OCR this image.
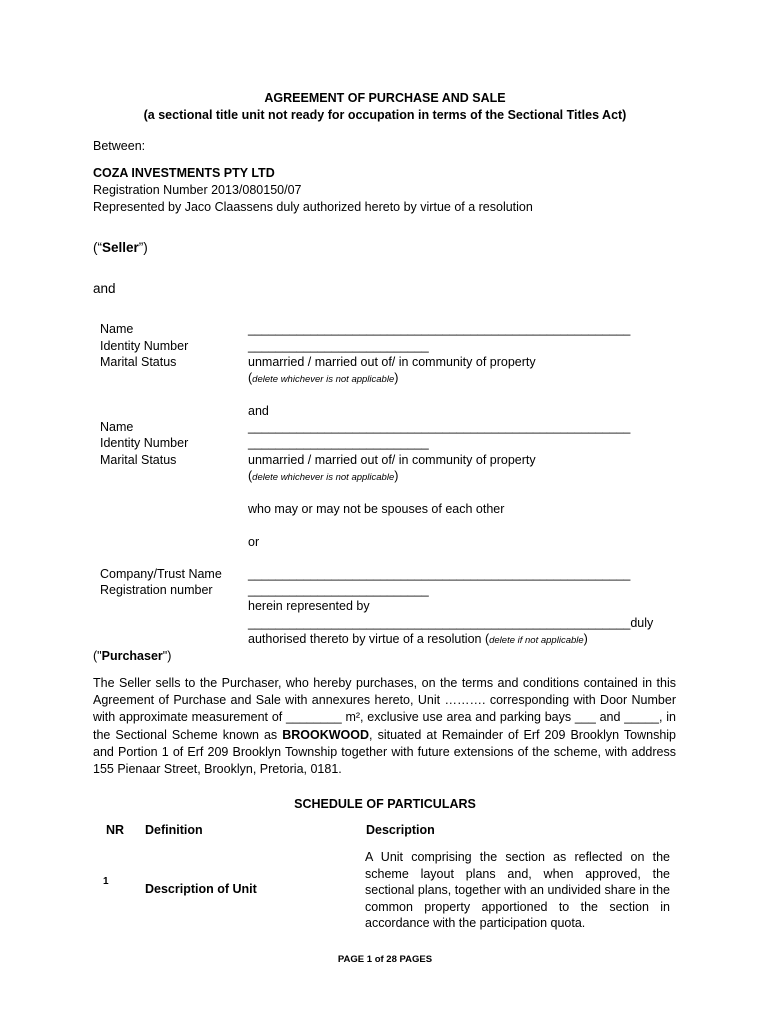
AGREEMENT OF PURCHASE AND SALE
(a sectional title unit not ready for occupation in terms of the Sectional Titles Act)
Between:
COZA INVESTMENTS PTY LTD
Registration Number 2013/080150/07
Represented by Jaco Claassens duly authorized hereto by virtue of a resolution
(“Seller”)
and
Name
Identity Number
Marital Status
_______________________________________________________
__________________________
unmarried / married out of/ in community of property
(delete whichever is not applicable)
and
Name
Identity Number
Marital Status
_______________________________________________________
__________________________
unmarried / married out of/ in community of property
(delete whichever is not applicable)
who may or may not be spouses of each other
or
Company/Trust Name
Registration number
_______________________________________________________
__________________________
herein represented by
_______________________________________________________duly
authorised thereto by virtue of a resolution (delete if not applicable)
("Purchaser")
The Seller sells to the Purchaser, who hereby purchases, on the terms and conditions contained in this Agreement of Purchase and Sale with annexures hereto, Unit ………. corresponding with Door Number with approximate measurement of ________ m², exclusive use area and parking bays ___ and _____, in the Sectional Scheme known as BROOKWOOD, situated at Remainder of Erf 209 Brooklyn Township and Portion 1 of Erf 209 Brooklyn Township together with future extensions of the scheme, with address 155 Pienaar Street, Brooklyn, Pretoria, 0181.
SCHEDULE OF PARTICULARS
NR Definition	Description
1
Description of Unit
A Unit comprising the section as reflected on the scheme layout plans and, when approved, the sectional plans, together with an undivided share in the common property apportioned to the section in accordance with the participation quota.
PAGE 1 of 28 PAGES
